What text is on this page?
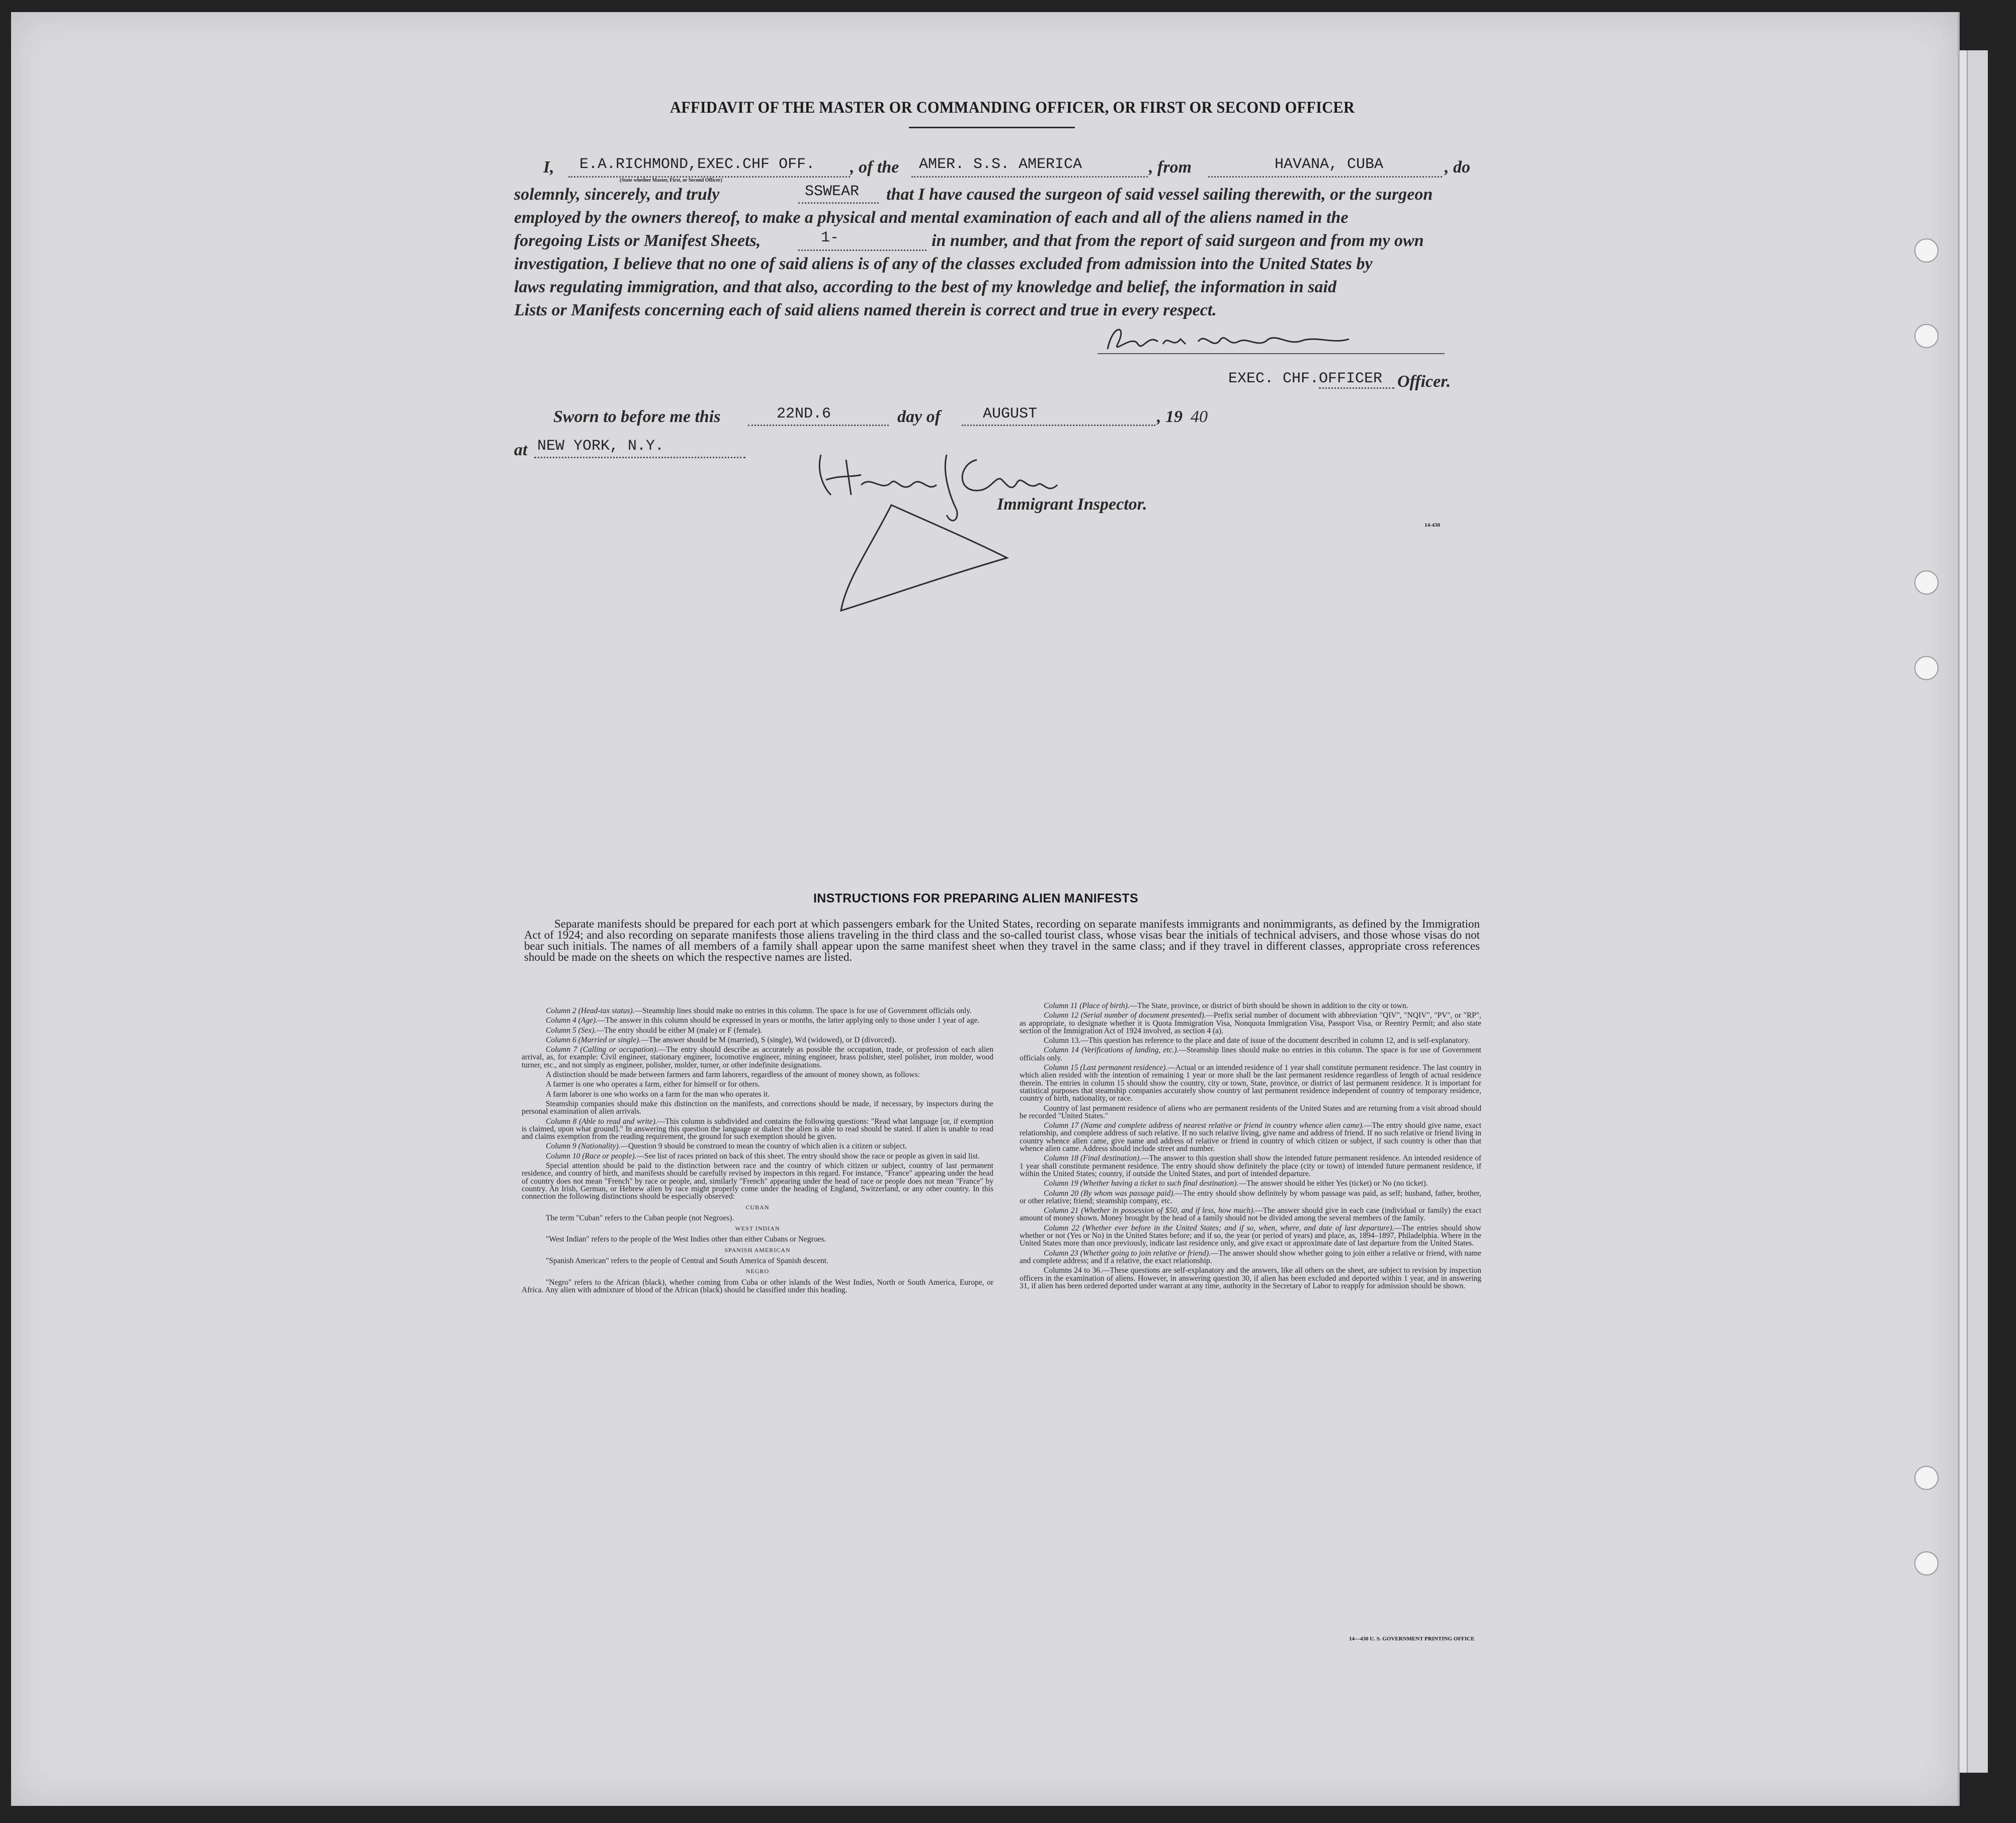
AFFIDAVIT OF THE MASTER OR COMMANDING OFFICER, OR FIRST OR SECOND OFFICER
I, E.A.RICHMOND,EXEC.CHF OFF.
(State whether Master, First, or Second Officer)
, of the AMER. S.S. AMERICA	, from	HAVANA, CUBA	, do
solemnly, sincerely, and truly	SSWEAR that I have caused the surgeon of said vessel sailing therewith, or the surgeon
employed by the owners thereof, to make a physical and mental examination of each and all of the aliens named in the
foregoing Lists or Manifest Sheets,	1-	in number, and that from the report of said surgeon and from my own
investigation, I believe that no one of said aliens is of any of the classes excluded from admission into the United States by
laws regulating immigration, and that also, according to the best of my knowledge and belief, the information in said
Lists or Manifests concerning each of said aliens named therein is correct and true in every respect.
EXEC. CHF.OFFICER Officer.
Sworn to before me this	22ND.6	day of	AUGUST	, 19 40
at NEW YORK, N.Y.
Immigrant Inspector.
14-430
INSTRUCTIONS FOR PREPARING ALIEN MANIFESTS
Separate manifests should be prepared for each port at which passengers embark for the United States, recording on separate manifests immigrants and nonimmigrants, as defined by the Immigration Act of 1924; and also recording on separate manifests those aliens traveling in the third class and the so-called tourist class, whose visas bear the initials of technical advisers, and those whose visas do not bear such initials. The names of all members of a family shall appear upon the same manifest sheet when they travel in the same class; and if they travel in different classes, appropriate cross references should be made on the sheets on which the respective names are listed.

Column 2 (Head-tax status).—Steamship lines should make no entries in this column. The space is for use of Government officials only.

Column 4 (Age).—The answer in this column should be expressed in years or months, the latter applying only to those under 1 year of age.

Column 5 (Sex).—The entry should be either M (male) or F (female).

Column 6 (Married or single).—The answer should be M (married), S (single), Wd (widowed), or D (divorced).

Column 7 (Calling or occupation).—The entry should describe as accurately as possible the occupation, trade, or profession of each alien arrival, as, for example: Civil engineer, stationary engineer, locomotive engineer, mining engineer, brass polisher, steel polisher, iron molder, wood turner, etc., and not simply as engineer, polisher, molder, turner, or other indefinite designations.

A distinction should be made between farmers and farm laborers, regardless of the amount of money shown, as follows:

A farmer is one who operates a farm, either for himself or for others.

A farm laborer is one who works on a farm for the man who operates it.

Steamship companies should make this distinction on the manifests, and corrections should be made, if necessary, by inspectors during the personal examination of alien arrivals.

Column 8 (Able to read and write).—This column is subdivided and contains the following questions: "Read what language [or, if exemption is claimed, upon what ground]." In answering this question the language or dialect the alien is able to read should be stated. If alien is unable to read and claims exemption from the reading requirement, the ground for such exemption should be given.

Column 9 (Nationality).—Question 9 should be construed to mean the country of which alien is a citizen or subject.

Column 10 (Race or people).—See list of races printed on back of this sheet. The entry should show the race or people as given in said list.

Special attention should be paid to the distinction between race and the country of which citizen or subject, country of last permanent residence, and country of birth, and manifests should be carefully revised by inspectors in this regard. For instance, "France" appearing under the head of country does not mean "French" by race or people, and, similarly "French" appearing under the head of race or people does not mean "France" by country. An Irish, German, or Hebrew alien by race might properly come under the heading of England, Switzerland, or any other country. In this connection the following distinctions should be especially observed:

CUBAN

The term "Cuban" refers to the Cuban people (not Negroes).

WEST INDIAN

"West Indian" refers to the people of the West Indies other than either Cubans or Negroes.

SPANISH AMERICAN

"Spanish American" refers to the people of Central and South America of Spanish descent.

NEGRO

"Negro" refers to the African (black), whether coming from Cuba or other islands of the West Indies, North or South America, Europe, or Africa. Any alien with admixture of blood of the African (black) should be classified under this heading.

Column 11 (Place of birth).—The State, province, or district of birth should be shown in addition to the city or town.

Column 12 (Serial number of document presented).—Prefix serial number of document with abbreviation "QIV", "NQIV", "PV", or "RP", as appropriate, to designate whether it is Quota Immigration Visa, Nonquota Immigration Visa, Passport Visa, or Reentry Permit; and also state section of the Immigration Act of 1924 involved, as section 4 (a).

Column 13.—This question has reference to the place and date of issue of the document described in column 12, and is self-explanatory.

Column 14 (Verifications of landing, etc.).—Steamship lines should make no entries in this column. The space is for use of Government officials only.

Column 15 (Last permanent residence).—Actual or an intended residence of 1 year shall constitute permanent residence. The last country in which alien resided with the intention of remaining 1 year or more shall be the last permanent residence regardless of length of actual residence therein. The entries in column 15 should show the country, city or town, State, province, or district of last permanent residence. It is important for statistical purposes that steamship companies accurately show country of last permanent residence independent of country of temporary residence, country of birth, nationality, or race.

Country of last permanent residence of aliens who are permanent residents of the United States and are returning from a visit abroad should be recorded "United States."

Column 17 (Name and complete address of nearest relative or friend in country whence alien came).—The entry should give name, exact relationship, and complete address of such relative. If no such relative living, give name and address of friend. If no such relative or friend living in country whence alien came, give name and address of relative or friend in country of which citizen or subject, if such country is other than that whence alien came. Address should include street and number.

Column 18 (Final destination).—The answer to this question shall show the intended future permanent residence. An intended residence of 1 year shall constitute permanent residence. The entry should show definitely the place (city or town) of intended future permanent residence, if within the United States; country, if outside the United States, and port of intended departure.

Column 19 (Whether having a ticket to such final destination).—The answer should be either Yes (ticket) or No (no ticket).

Column 20 (By whom was passage paid).—The entry should show definitely by whom passage was paid, as self; husband, father, brother, or other relative; friend; steamship company, etc.

Column 21 (Whether in possession of $50, and if less, how much).—The answer should give in each case (individual or family) the exact amount of money shown. Money brought by the head of a family should not be divided among the several members of the family.

Column 22 (Whether ever before in the United States; and if so, when, where, and date of last departure).—The entries should show whether or not (Yes or No) in the United States before; and if so, the year (or period of years) and place, as, 1894–1897, Philadelphia. Where in the United States more than once previously, indicate last residence only, and give exact or approximate date of last departure from the United States.

Column 23 (Whether going to join relative or friend).—The answer should show whether going to join either a relative or friend, with name and complete address; and if a relative, the exact relationship.

Columns 24 to 36.—These questions are self-explanatory and the answers, like all others on the sheet, are subject to revision by inspection officers in the examination of aliens. However, in answering question 30, if alien has been excluded and deported within 1 year, and in answering 31, if alien has been ordered deported under warrant at any time, authority in the Secretary of Labor to reapply for admission should be shown.

14—430 U. S. GOVERNMENT PRINTING OFFICE
